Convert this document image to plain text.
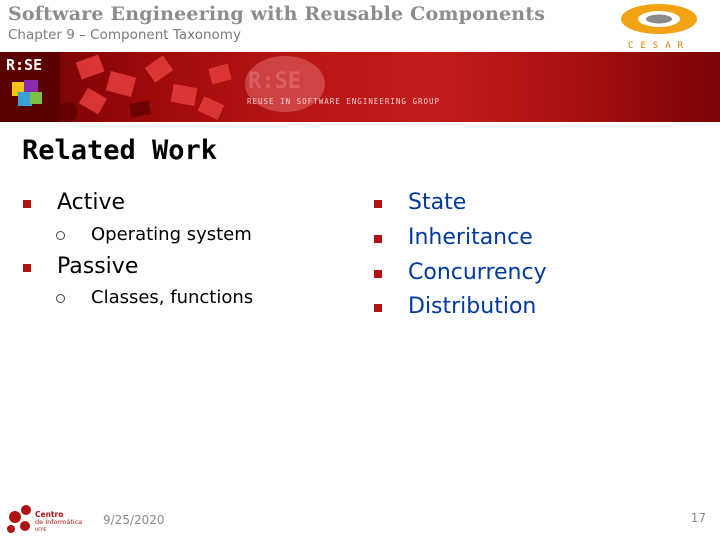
Software Engineering with Reusable Components
Chapter 9 – Component Taxonomy
CESAR
R:SE
R:SE
REUSE IN SOFTWARE ENGINEERING GROUP
Related Work
Active
Operating system
Passive
Classes, functions
State
Inheritance
Concurrency
Distribution
Centro
de Informática
UFPE
9/25/2020	17
